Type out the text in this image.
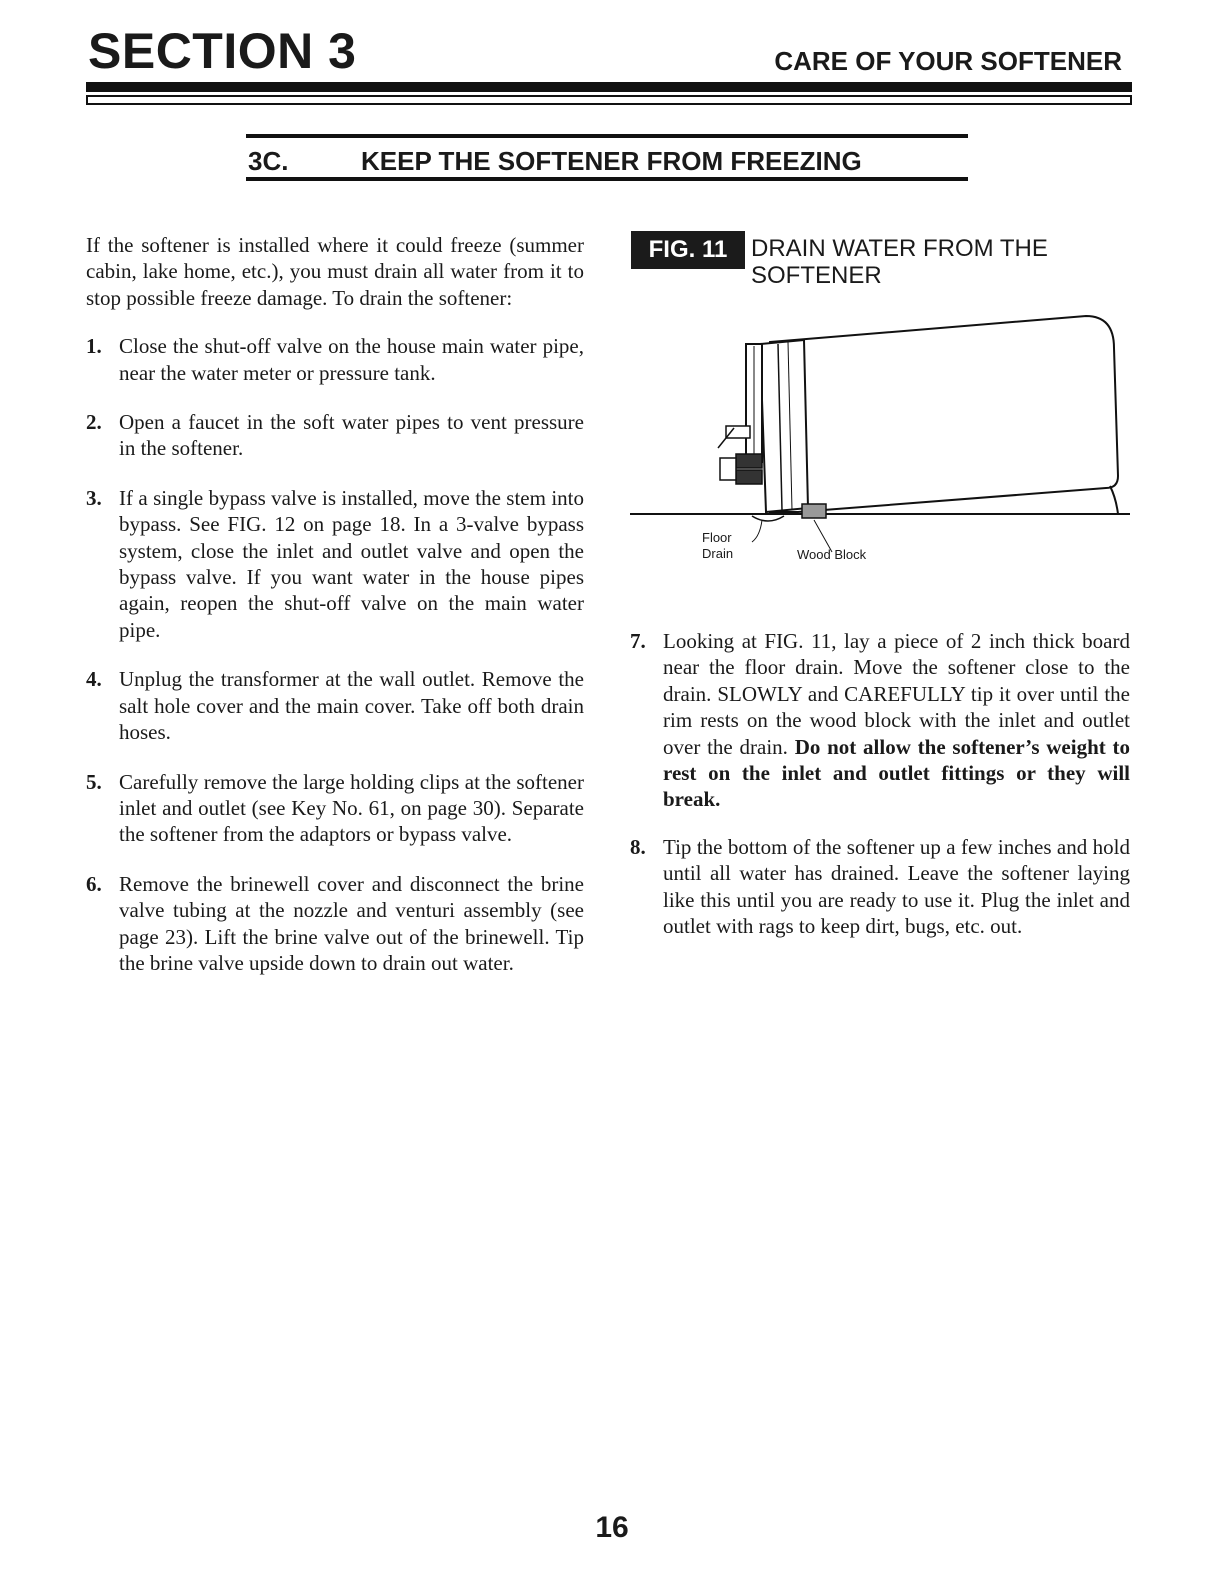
SECTION 3	CARE OF YOUR SOFTENER
3C.	KEEP THE SOFTENER FROM FREEZING

If the softener is installed where it could freeze (summer cabin, lake home, etc.), you must drain all water from it to stop possible freeze damage. To drain the softener:

1. Close the shut-off valve on the house main water pipe, near the water meter or pressure tank.
2. Open a faucet in the soft water pipes to vent pressure in the softener.
3. If a single bypass valve is installed, move the stem into bypass. See FIG. 12 on page 18. In a 3-valve bypass system, close the inlet and outlet valve and open the bypass valve. If you want water in the house pipes again, reopen the shut-off valve on the main water pipe.
4. Unplug the transformer at the wall outlet. Remove the salt hole cover and the main cover. Take off both drain hoses.
5. Carefully remove the large holding clips at the softener inlet and outlet (see Key No. 61, on page 30). Separate the softener from the adaptors or bypass valve.
6. Remove the brinewell cover and disconnect the brine valve tubing at the nozzle and venturi assembly (see page 23). Lift the brine valve out of the brinewell. Tip the brine valve upside down to drain out water.
FIG. 11 DRAIN WATER FROM THE
SOFTENER
Floor
Drain	Wood Block
7. Looking at FIG. 11, lay a piece of 2 inch thick board near the floor drain. Move the softener close to the drain. SLOWLY and CAREFULLY tip it over until the rim rests on the wood block with the inlet and outlet over the drain. Do not allow the softener’s weight to rest on the inlet and outlet fittings or they will break.
8. Tip the bottom of the softener up a few inches and hold until all water has drained. Leave the softener laying like this until you are ready to use it. Plug the inlet and outlet with rags to keep dirt, bugs, etc. out.
16
